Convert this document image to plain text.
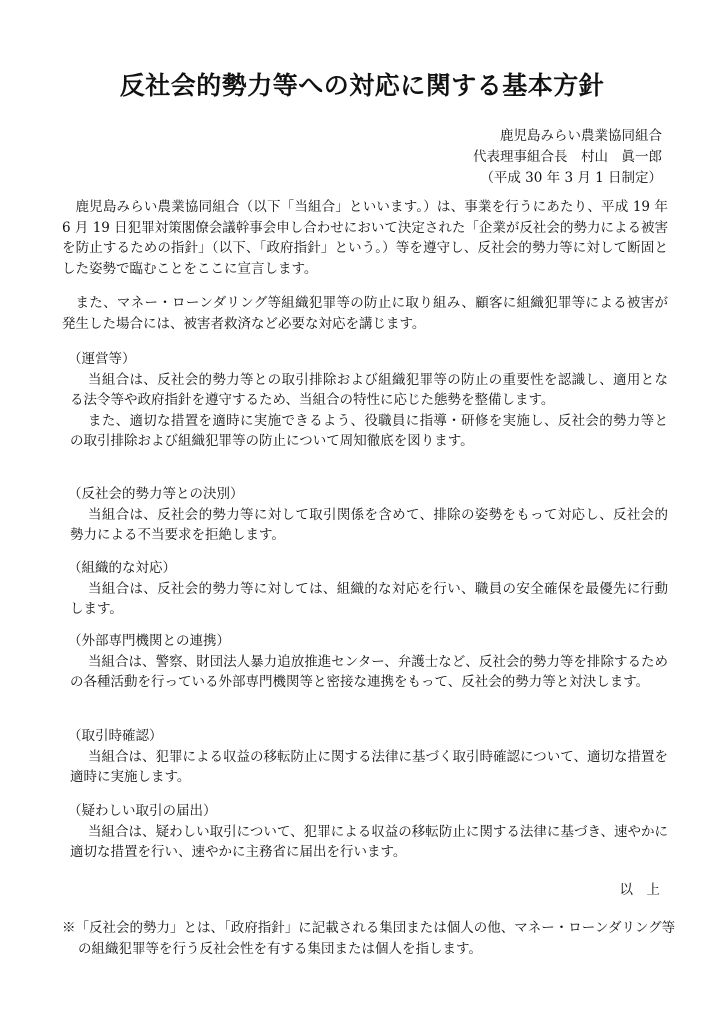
反社会的勢力等への対応に関する基本方針
鹿児島みらい農業協同組合
代表理事組合長　村山　眞一郎
（平成 30 年 3 月 1 日制定）

鹿児島みらい農業協同組合（以下「当組合」といいます。）は、事業を行うにあたり、平成 19 年 6 月 19 日犯罪対策閣僚会議幹事会申し合わせにおいて決定された「企業が反社会的勢力による被害を防止するための指針」（以下、「政府指針」という。）等を遵守し、反社会的勢力等に対して断固とした姿勢で臨むことをここに宣言します。

また、マネー・ローンダリング等組織犯罪等の防止に取り組み、顧客に組織犯罪等による被害が発生した場合には、被害者救済など必要な対応を講じます。

（運営等）

当組合は、反社会的勢力等との取引排除および組織犯罪等の防止の重要性を認識し、適用となる法令等や政府指針を遵守するため、当組合の特性に応じた態勢を整備します。

また、適切な措置を適時に実施できるよう、役職員に指導・研修を実施し、反社会的勢力等との取引排除および組織犯罪等の防止について周知徹底を図ります。

（反社会的勢力等との決別）

当組合は、反社会的勢力等に対して取引関係を含めて、排除の姿勢をもって対応し、反社会的勢力による不当要求を拒絶します。

（組織的な対応）

当組合は、反社会的勢力等に対しては、組織的な対応を行い、職員の安全確保を最優先に行動します。

（外部専門機関との連携）

当組合は、警察、財団法人暴力追放推進センター、弁護士など、反社会的勢力等を排除するための各種活動を行っている外部専門機関等と密接な連携をもって、反社会的勢力等と対決します。

（取引時確認）

当組合は、犯罪による収益の移転防止に関する法律に基づく取引時確認について、適切な措置を適時に実施します。

（疑わしい取引の届出）

当組合は、疑わしい取引について、犯罪による収益の移転防止に関する法律に基づき、速やかに適切な措置を行い、速やかに主務省に届出を行います。

以　上

※「反社会的勢力」とは、「政府指針」に記載される集団または個人の他、マネー・ローンダリング等の組織犯罪等を行う反社会性を有する集団または個人を指します。
